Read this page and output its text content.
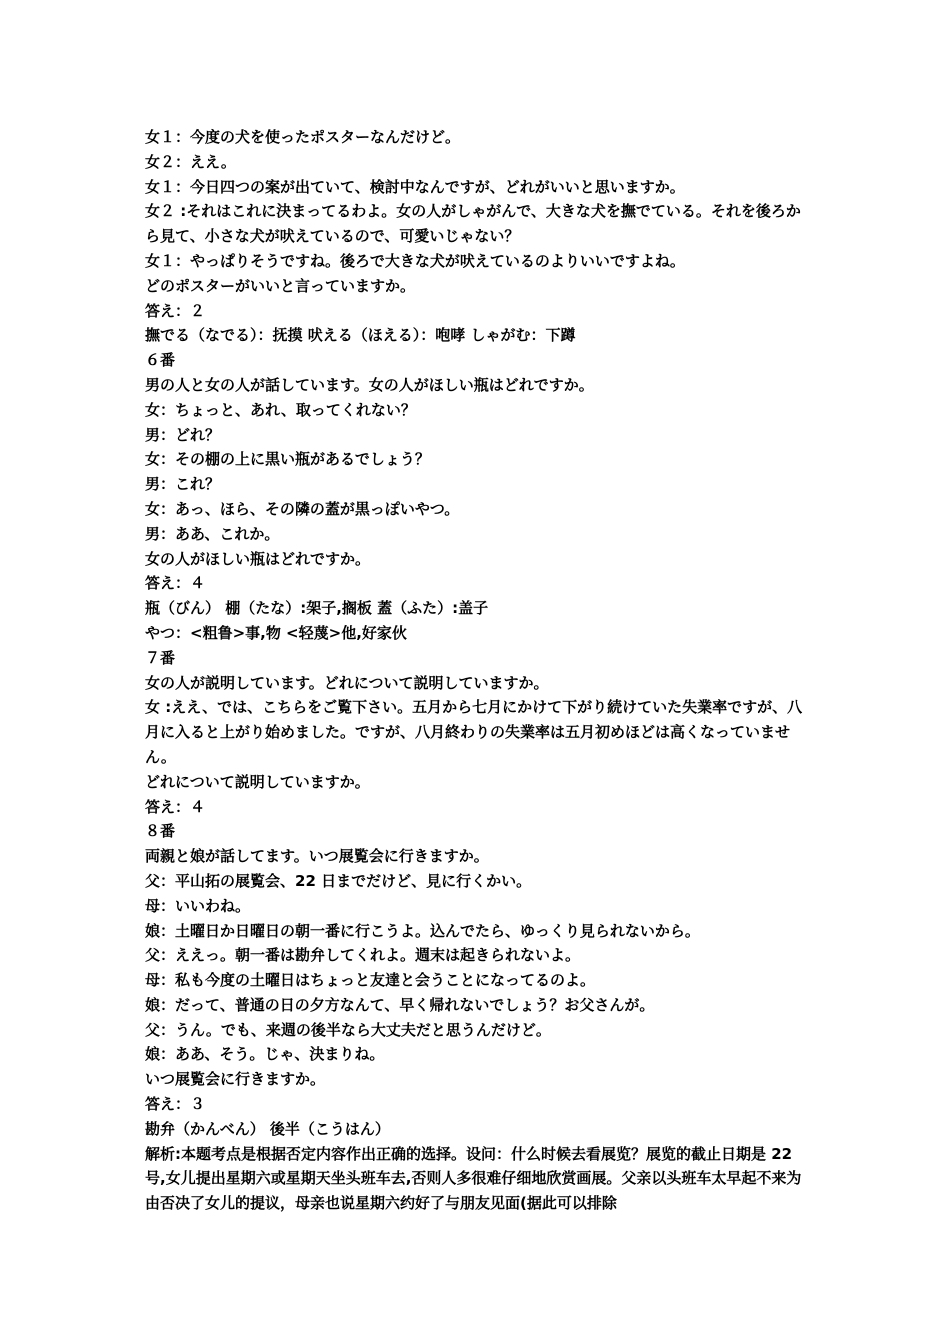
女１：今度の犬を使ったポスターなんだけど。
女２：ええ。
女１：今日四つの案が出ていて、検討中なんですが、どれがいいと思いますか。
女２ :それはこれに決まってるわよ。女の人がしゃがんで、大きな犬を撫でている。それを後ろから見て、小さな犬が吠えているので、可愛いじゃない？
女１：やっぱりそうですね。後ろで大きな犬が吠えているのよりいいですよね。
どのポスターがいいと言っていますか。
答え：２
撫でる（なでる）：抚摸 吠える（ほえる）：咆哮 しゃがむ：下蹲
６番
男の人と女の人が話しています。女の人がほしい瓶はどれですか。
女：ちょっと、あれ、取ってくれない？
男：どれ？
女：その棚の上に黒い瓶があるでしょう？
男：これ？
女：あっ、ほら、その隣の蓋が黒っぽいやつ。
男：ああ、これか。
女の人がほしい瓶はどれですか。
答え：４
瓶（びん） 棚（たな）:架子,搁板 蓋（ふた）:盖子
やつ：<粗鲁>事,物 <轻蔑>他,好家伙
７番
女の人が説明しています。どれについて説明していますか。
女 :ええ、では、こちらをご覧下さい。五月から七月にかけて下がり続けていた失業率ですが、八月に入ると上がり始めました。ですが、八月終わりの失業率は五月初めほどは高くなっていません。
どれについて説明していますか。
答え：４
８番
両親と娘が話してます。いつ展覧会に行きますか。
父：平山拓の展覧会、22 日までだけど、見に行くかい。
母：いいわね。
娘：土曜日か日曜日の朝一番に行こうよ。込んでたら、ゆっくり見られないから。
父：ええっ。朝一番は勘弁してくれよ。週末は起きられないよ。
母：私も今度の土曜日はちょっと友達と会うことになってるのよ。
娘：だって、普通の日の夕方なんて、早く帰れないでしょう？お父さんが。
父：うん。でも、来週の後半なら大丈夫だと思うんだけど。
娘：ああ、そう。じゃ、決まりね。
いつ展覧会に行きますか。
答え：３
勘弁（かんべん） 後半（こうはん）
解析:本题考点是根据否定内容作出正确的选择。设问：什么时候去看展览？展览的截止日期是 22 号,女儿提出星期六或星期天坐头班车去,否则人多很难仔细地欣赏画展。父亲以头班车太早起不来为由否决了女儿的提议，母亲也说星期六约好了与朋友见面(据此可以排除
